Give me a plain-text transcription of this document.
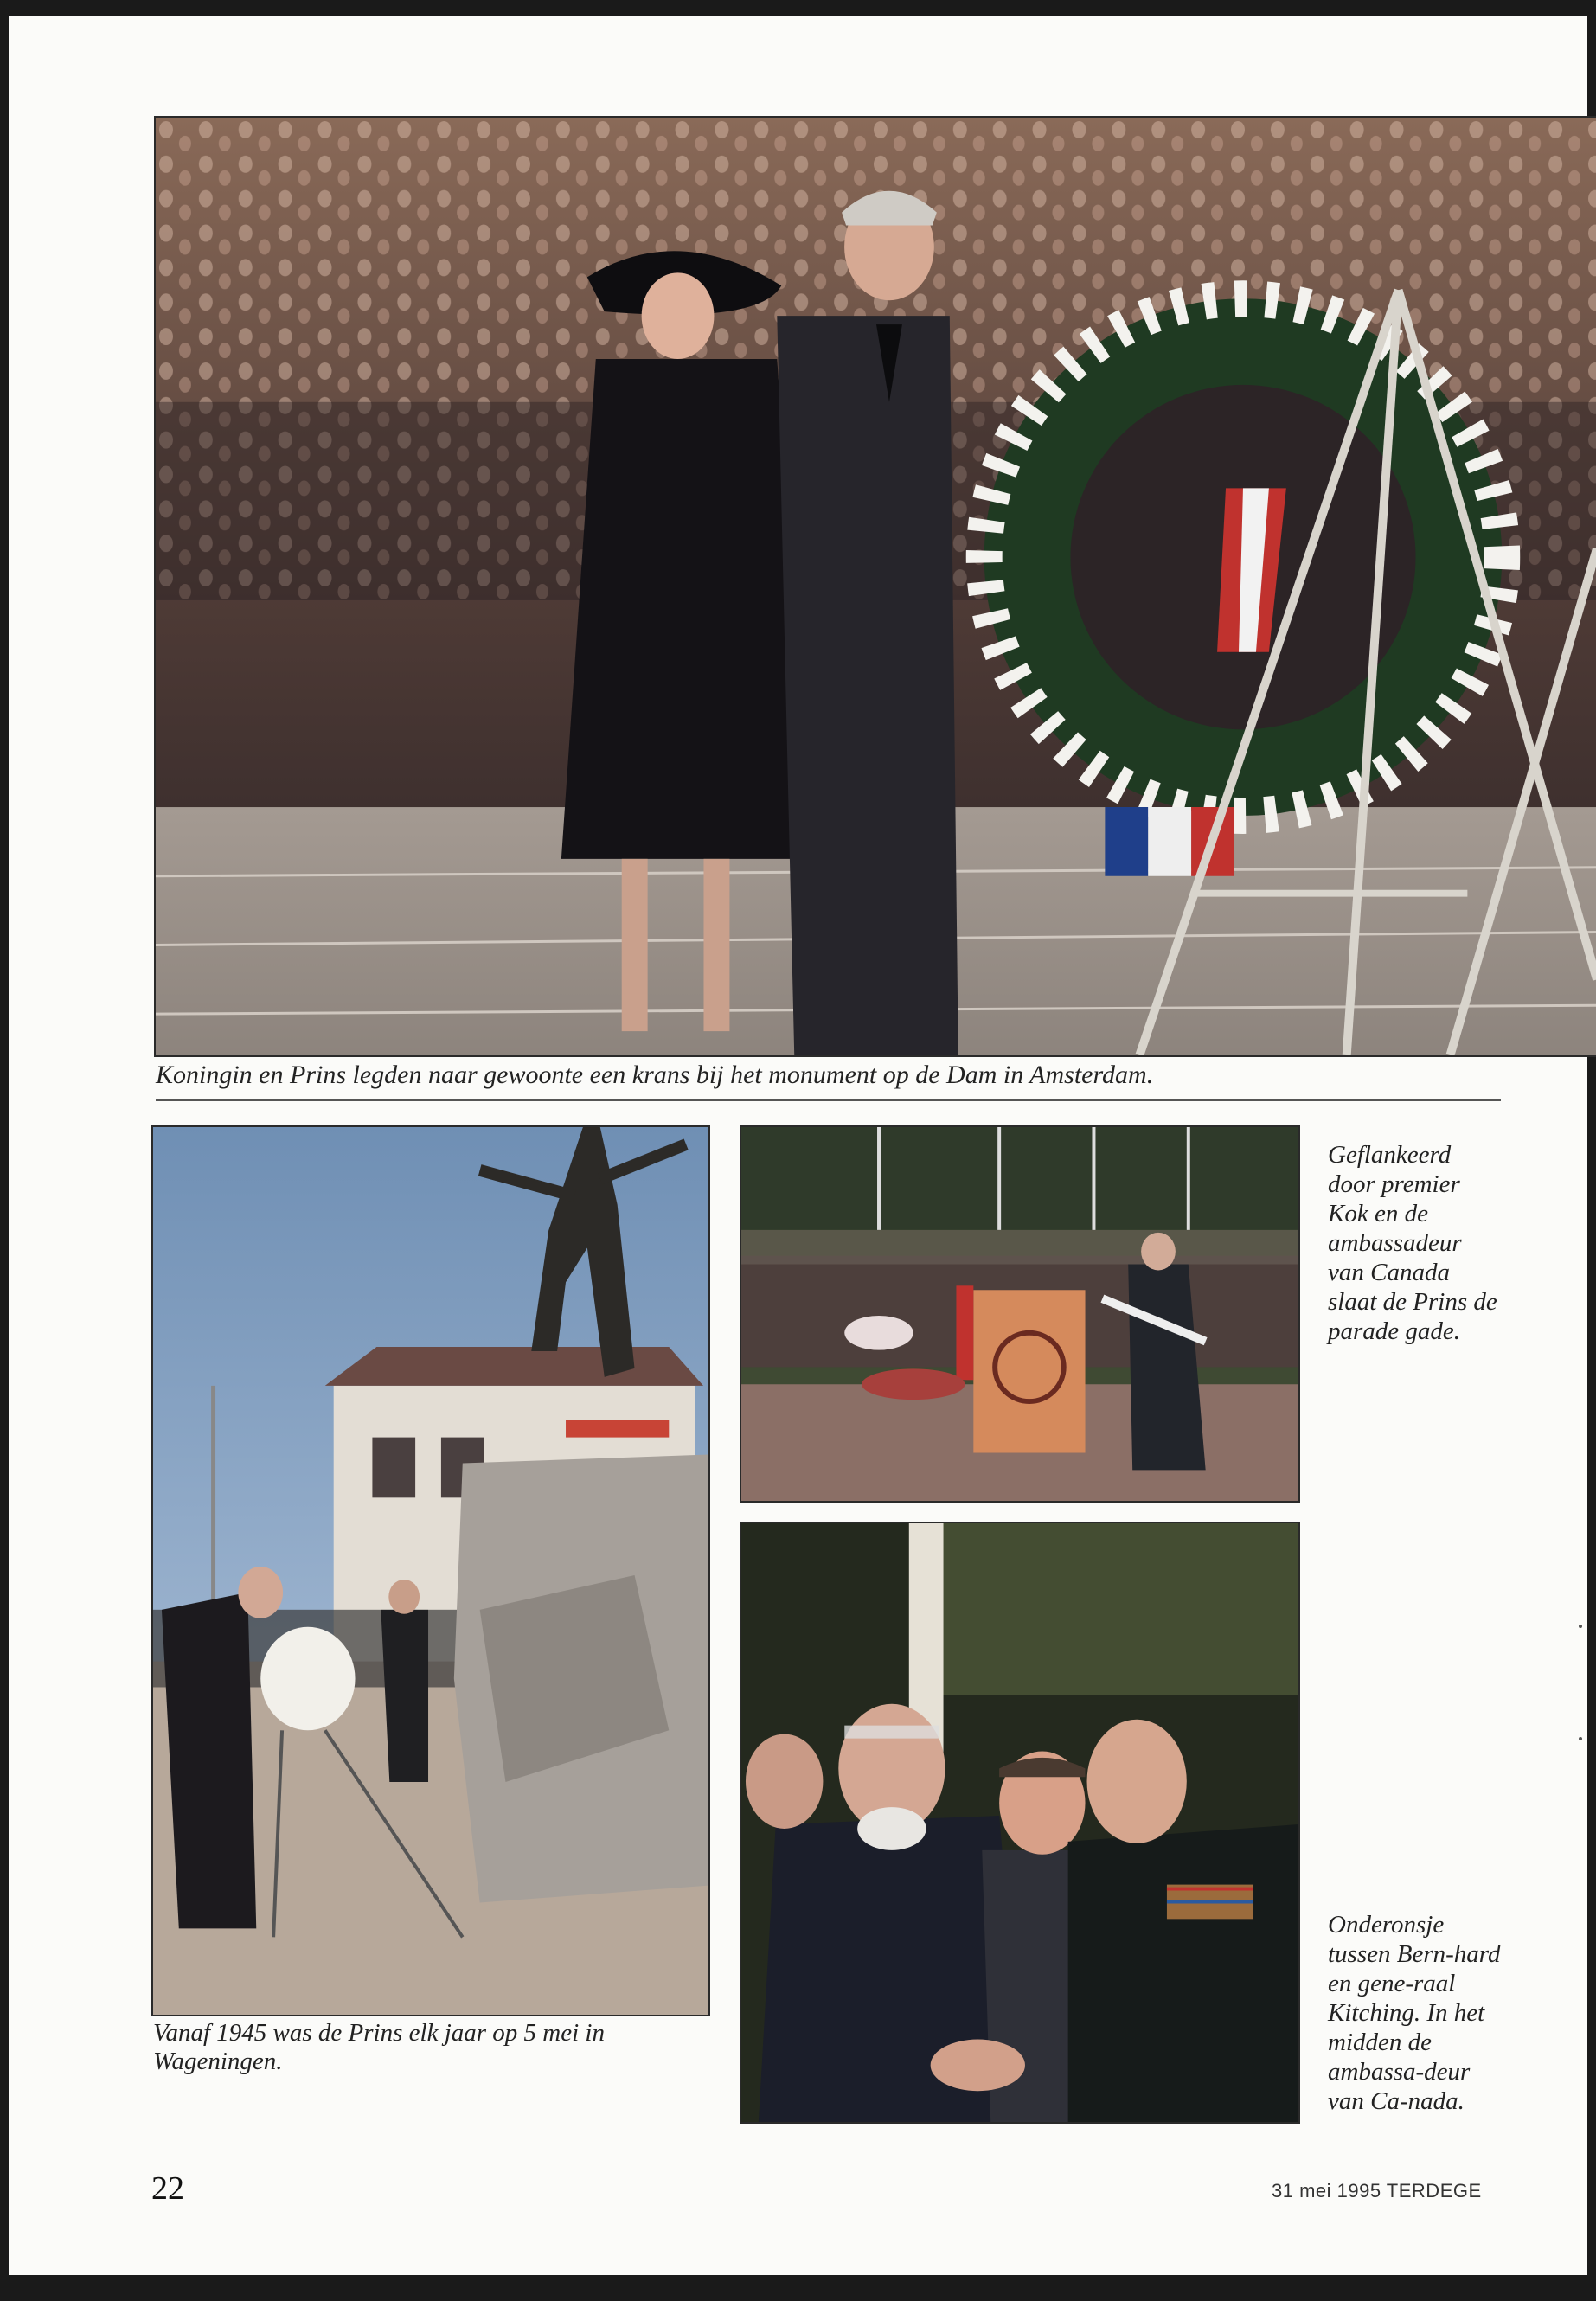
Koningin en Prins legden naar gewoonte een krans bij het monument op de Dam in Amsterdam.
Vanaf 1945 was de Prins elk jaar op 5 mei in Wageningen.
Geflankeerd door premier Kok en de ambassadeur van Canada slaat de Prins de parade gade.
Onderonsje tussen Bern-hard en gene-raal Kitching. In het midden de ambassa-deur van Ca-nada.
22	31 mei 1995 TERDEGE
